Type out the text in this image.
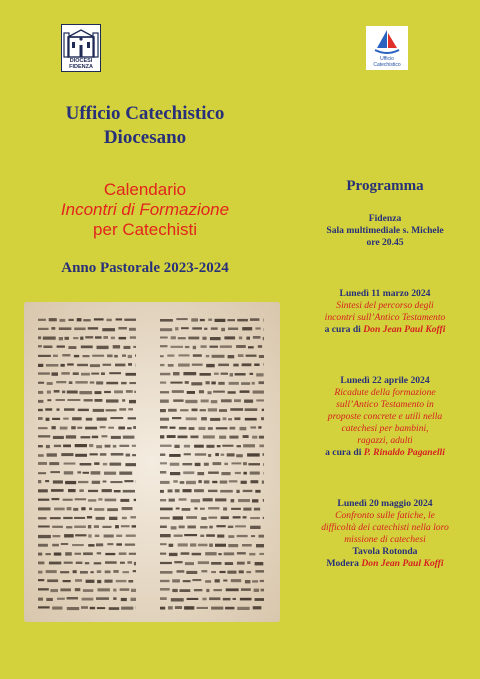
DIOCESI
FIDENZA
Ufficio
Catechistico
Ufficio Catechistico
Diocesano
Calendario
Incontri di Formazione
per Catechisti
Anno Pastorale 2023-2024
Programma
Fidenza
Sala multimediale s. Michele
ore 20.45
Lunedì 11 marzo 2024
Sintesi del percorso degli
incontri sull’Antico Testamento
a cura di Don Jean Paul Koffi
Lunedì 22 aprile 2024
Ricadute della formazione
sull’Antico Testamento in
proposte concrete e utili nella
catechesi per bambini,
ragazzi, adulti
a cura di P. Rinaldo Paganelli
Lunedì 20 maggio 2024
Confronto sulle fatiche, le
difficoltà dei catechisti nella loro
missione di catechesi
Tavola Rotonda
Modera Don Jean Paul Koffi
